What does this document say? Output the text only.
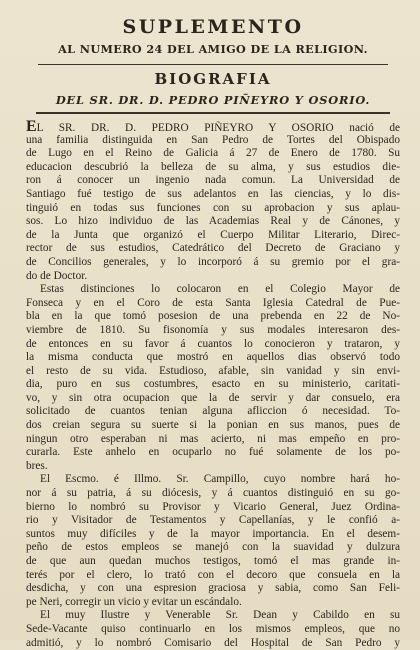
SUPLEMENTO
AL NUMERO 24 DEL AMIGO DE LA RELIGION.
BIOGRAFIA
DEL SR. DR. D. PEDRO PIÑEYRO Y OSORIO.
EL SR. DR. D. PEDRO PIÑEYRO Y OSORIO nació de
una familia distinguida en San Pedro de Tortes del Obispado
de Lugo en el Reino de Galicia á 27 de Enero de 1780. Su
educacion descubrió la belleza de su alma, y sus estudios die-
ron á conocer un ingenio nada comun. La Universidad de
Santiago fué testigo de sus adelantos en las ciencias, y lo dis-
tinguió en todas sus funciones con su aprobacion y sus aplau-
sos. Lo hizo individuo de las Academias Real y de Cánones, y
de la Junta que organizó el Cuerpo Militar Literario, Direc-
rector de sus estudios, Catedrático del Decreto de Graciano y
de Concilios generales, y lo incorporó á su gremio por el gra-
do de Doctor.
Estas distinciones lo colocaron en el Colegio Mayor de
Fonseca y en el Coro de esta Santa Iglesia Catedral de Pue-
bla en la que tomó posesion de una prebenda en 22 de No-
viembre de 1810. Su fisonomía y sus modales interesaron des-
de entonces en su favor á cuantos lo conocieron y trataron, y
la misma conducta que mostró en aquellos dias observó todo
el resto de su vida. Estudioso, afable, sin vanidad y sin envi-
dia, puro en sus costumbres, esacto en su ministerio, caritati-
vo, y sin otra ocupacion que la de servir y dar consuelo, era
solicitado de cuantos tenian alguna afliccion ó necesidad. To-
dos creian segura su suerte si la ponian en sus manos, pues de
ningun otro esperaban ni mas acierto, ni mas empeño en pro-
curarla. Este anhelo en ocuparlo no fué solamente de los po-
bres.
El Escmo. é Illmo. Sr. Campillo, cuyo nombre hará ho-
nor á su patria, á su diócesis, y á cuantos distinguió en su go-
bierno lo nombró su Provisor y Vicario General, Juez Ordina-
rio y Visitador de Testamentos y Capellanías, y le confió a-
suntos muy difíciles y de la mayor importancia. En el desem-
peño de estos empleos se manejó con la suavidad y dulzura
de que aun quedan muchos testigos, tomó el mas grande in-
terés por el clero, lo trató con el decoro que consuela en la
desdicha, y con una espresion graciosa y sabia, como San Feli-
pe Neri, corregir un vicio y evitar un escándalo.
El muy Ilustre y Venerable Sr. Dean y Cabildo en su
Sede-Vacante quiso continuarlo en los mismos empleos, que no
admitió, y lo nombró Comisario del Hospital de San Pedro y
